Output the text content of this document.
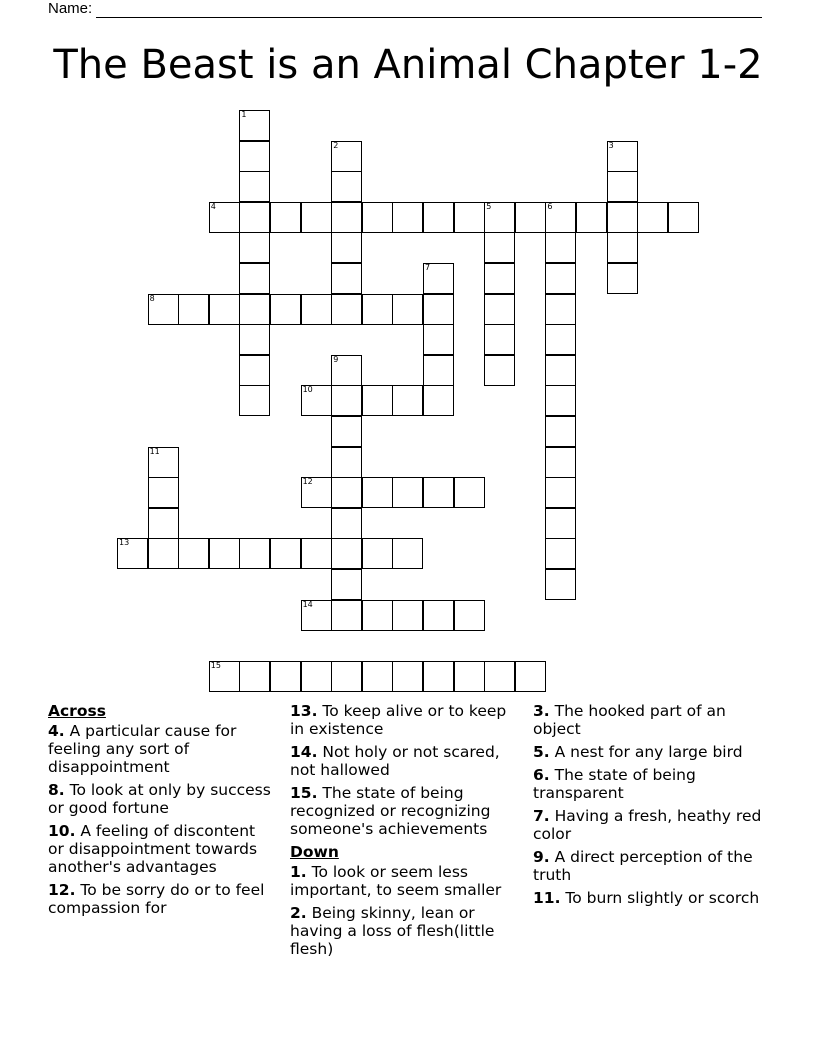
Name:
The Beast is an Animal Chapter 1-2
1
2	3
4	5	6
7
8
9
10
11
12
13
14
15
Across
4. A particular cause for feeling any sort of disappointment
8. To look at only by success or good fortune
10. A feeling of discontent or disappointment towards another's advantages
12. To be sorry do or to feel compassion for
13. To keep alive or to keep in existence
14. Not holy or not scared, not hallowed
15. The state of being recognized or recognizing someone's achievements
Down
1. To look or seem less important, to seem smaller
2. Being skinny, lean or having a loss of flesh(little flesh)
3. The hooked part of an object
5. A nest for any large bird
6. The state of being transparent
7. Having a fresh, heathy red color
9. A direct perception of the truth
11. To burn slightly or scorch
